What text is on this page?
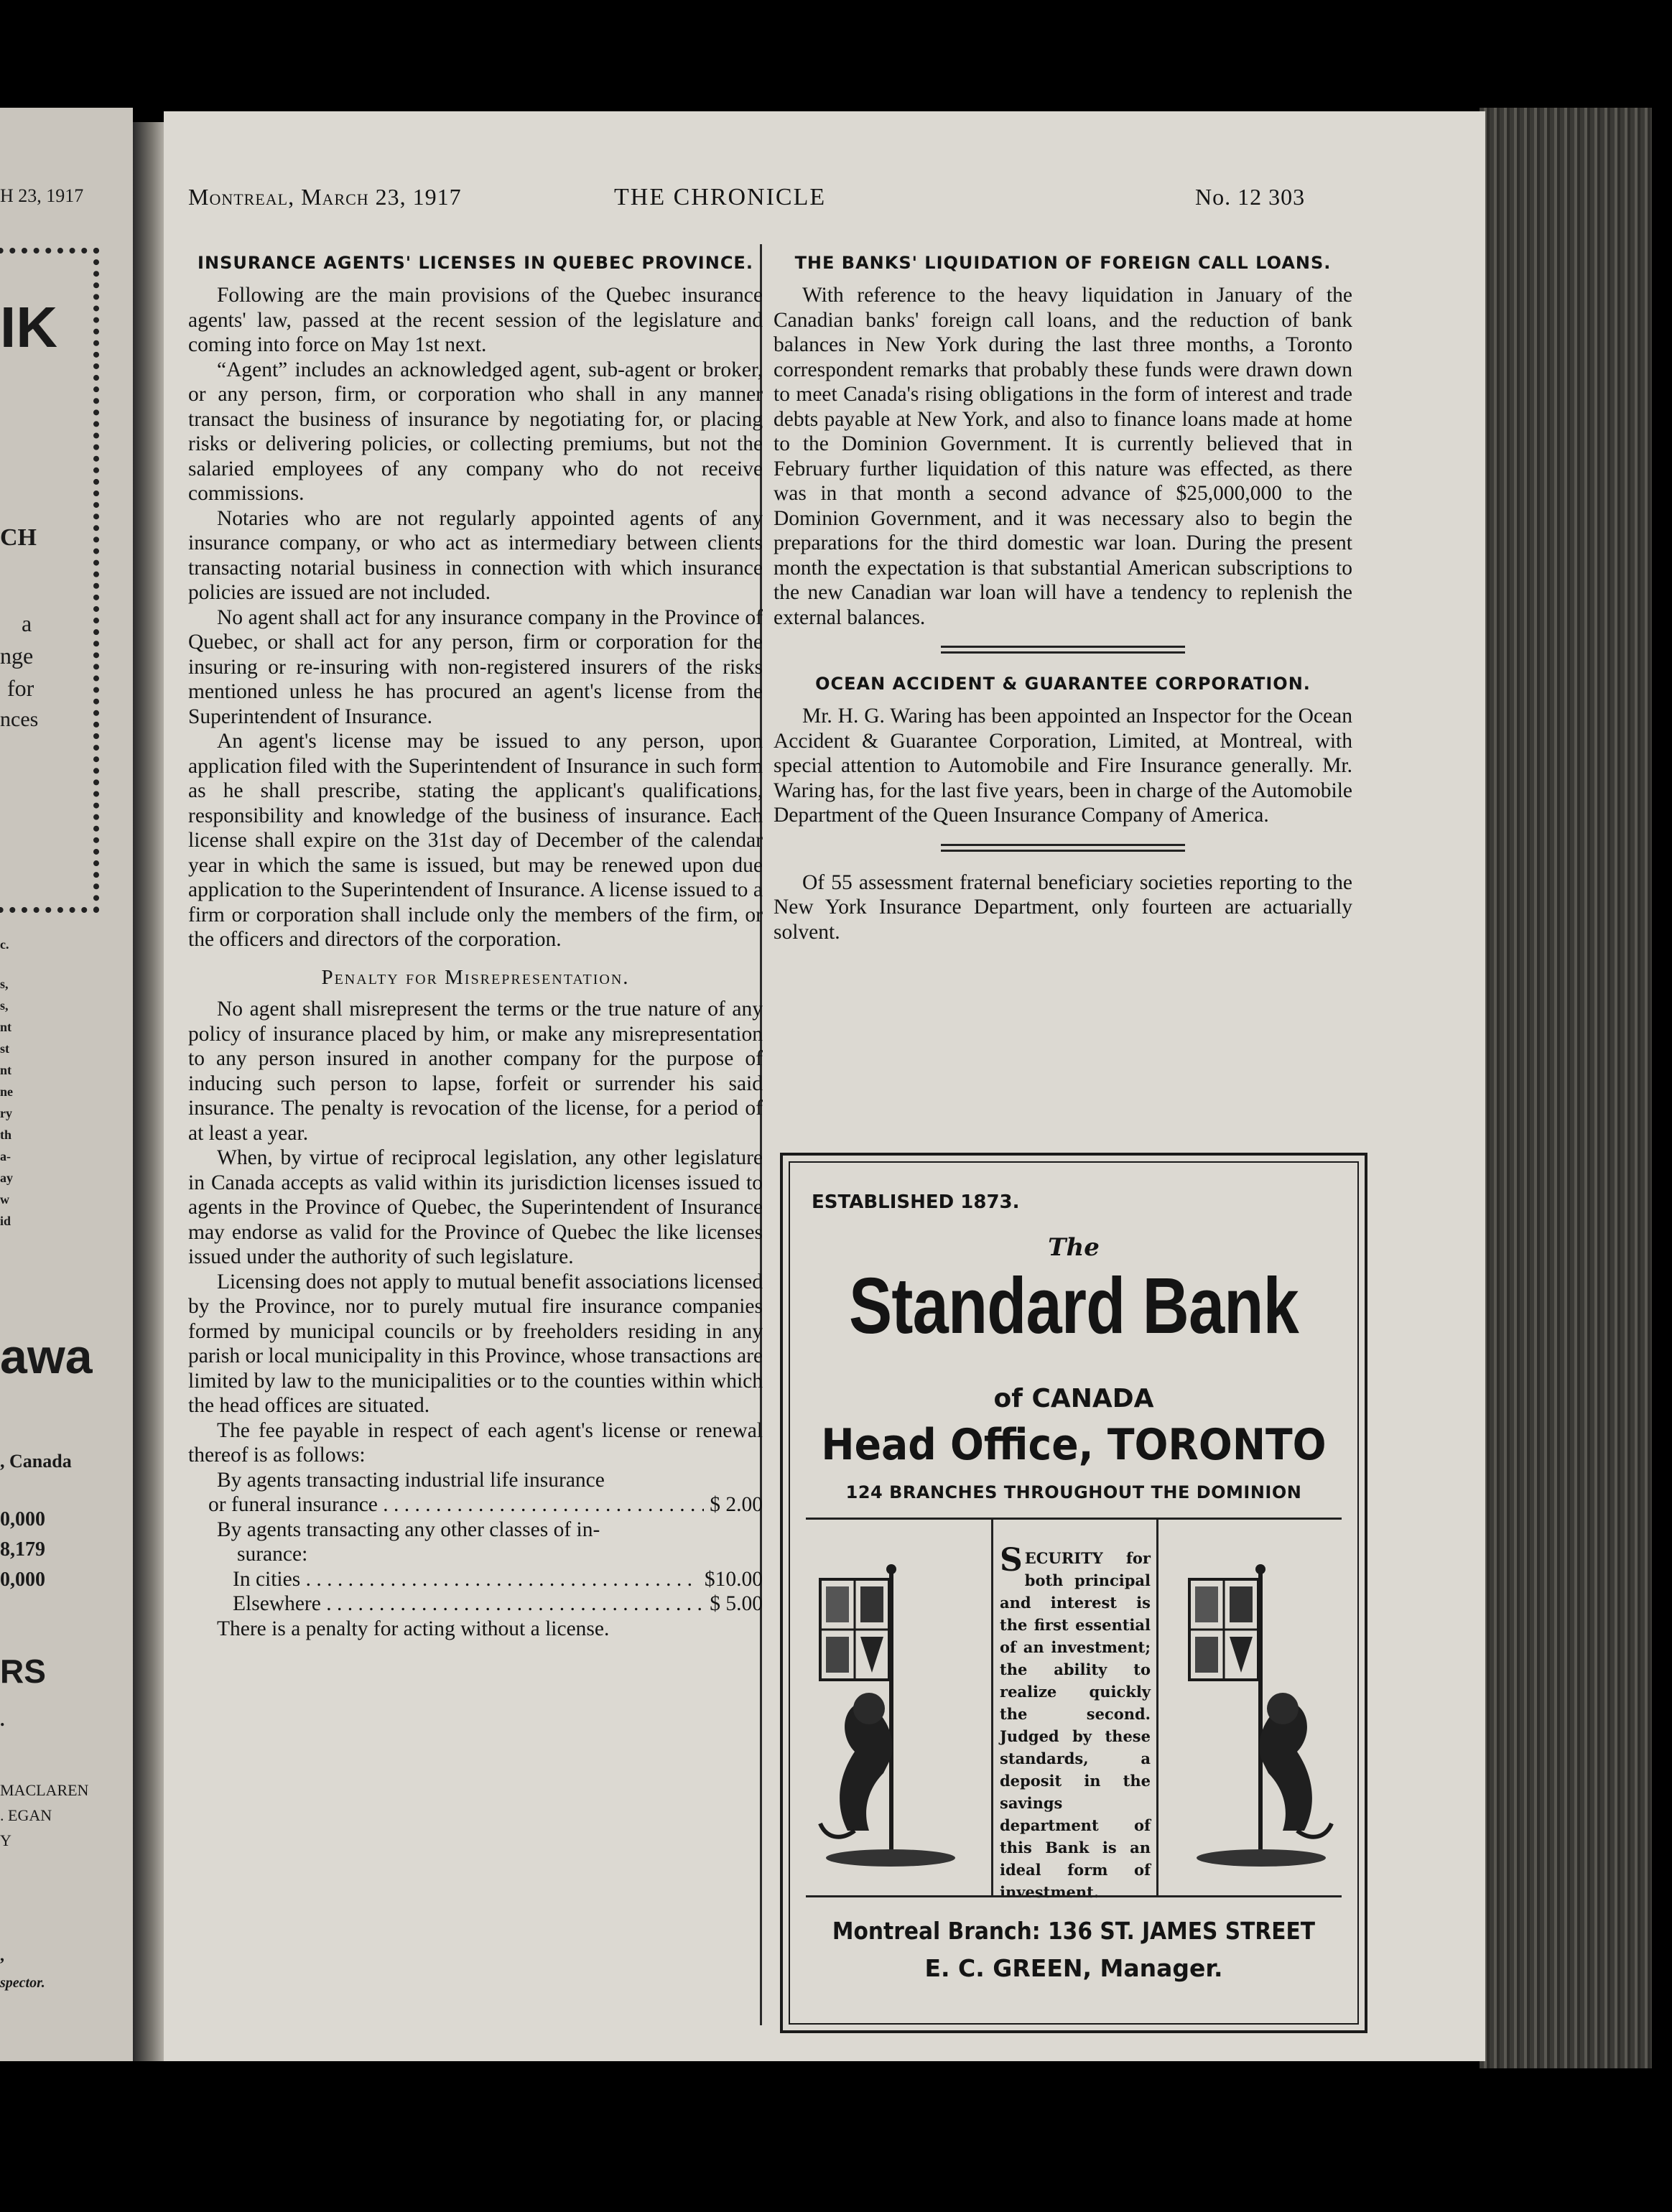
H 23, 1917
IK
CH
a
nge
for
nces
c.
s,
s,
nt
st
nt
ne
ry
th
a-
ay
w
id
awa
, Canada
0,000
8,179
0,000
RS
.
MACLAREN
. EGAN
Y
,
spector.
Montreal, March 23, 1917	THE CHRONICLE	No. 12 303
INSURANCE AGENTS' LICENSES IN QUEBEC PROVINCE.

Following are the main provisions of the Quebec insurance agents' law, passed at the recent session of the legislature and coming into force on May 1st next.

“Agent” includes an acknowledged agent, sub-agent or broker, or any person, firm, or corporation who shall in any manner transact the business of insurance by negotiating for, or placing risks or delivering policies, or collecting premiums, but not the salaried employees of any company who do not receive commissions.

Notaries who are not regularly appointed agents of any insurance company, or who act as intermediary between clients transacting notarial business in connection with which insurance policies are issued are not included.

No agent shall act for any insurance company in the Province of Quebec, or shall act for any person, firm or corporation for the insuring or re-insuring with non-registered insurers of the risks mentioned unless he has procured an agent's license from the Superintendent of Insurance.

An agent's license may be issued to any person, upon application filed with the Superintendent of Insurance in such form as he shall prescribe, stating the applicant's qualifications, responsibility and knowledge of the business of insurance. Each license shall expire on the 31st day of December of the calendar year in which the same is issued, but may be renewed upon due application to the Superintendent of Insurance. A license issued to a firm or corporation shall include only the members of the firm, or the officers and directors of the corporation.

Penalty for Misrepresentation.

No agent shall misrepresent the terms or the true nature of any policy of insurance placed by him, or make any misrepresentation to any person insured in another company for the purpose of inducing such person to lapse, forfeit or surrender his said insurance. The penalty is revocation of the license, for a period of at least a year.

When, by virtue of reciprocal legislation, any other legislature in Canada accepts as valid within its jurisdiction licenses issued to agents in the Province of Quebec, the Superintendent of Insurance may endorse as valid for the Province of Quebec the like licenses issued under the authority of such legislature.

Licensing does not apply to mutual benefit associations licensed by the Province, nor to purely mutual fire insurance companies formed by municipal councils or by freeholders residing in any parish or local municipality in this Province, whose transactions are limited by law to the municipalities or to the counties within which the head offices are situated.

The fee payable in respect of each agent's license or renewal thereof is as follows:

By agents transacting industrial life insurance

or funeral insurance . . .	$ 2.00

By agents transacting any other classes of in-

surance:

In cities . . .	$10.00
Elsewhere . . .	$ 5.00

There is a penalty for acting without a license.

THE BANKS' LIQUIDATION OF FOREIGN CALL LOANS.

With reference to the heavy liquidation in January of the Canadian banks' foreign call loans, and the reduction of bank balances in New York during the last three months, a Toronto correspondent remarks that probably these funds were drawn down to meet Canada's rising obligations in the form of interest and trade debts payable at New York, and also to finance loans made at home to the Dominion Government. It is currently believed that in February further liquidation of this nature was effected, as there was in that month a second advance of $25,000,000 to the Dominion Government, and it was necessary also to begin the preparations for the third domestic war loan. During the present month the expectation is that substantial American subscriptions to the new Canadian war loan will have a tendency to replenish the external balances.

OCEAN ACCIDENT & GUARANTEE CORPORATION.

Mr. H. G. Waring has been appointed an Inspector for the Ocean Accident & Guarantee Corporation, Limited, at Montreal, with special attention to Automobile and Fire Insurance generally. Mr. Waring has, for the last five years, been in charge of the Automobile Department of the Queen Insurance Company of America.

Of 55 assessment fraternal beneficiary societies reporting to the New York Insurance Department, only fourteen are actuarially solvent.

ESTABLISHED 1873.
The
Standard Bank
of CANADA
Head Office, TORONTO
124 BRANCHES THROUGHOUT THE DOMINION
SECURITY for both principal and interest is the first essential of an investment; the ability to realize quickly the second. Judged by these standards, a deposit in the savings department of this Bank is an ideal form of investment.
Montreal Branch: 136 ST. JAMES STREET
E. C. GREEN, Manager.
